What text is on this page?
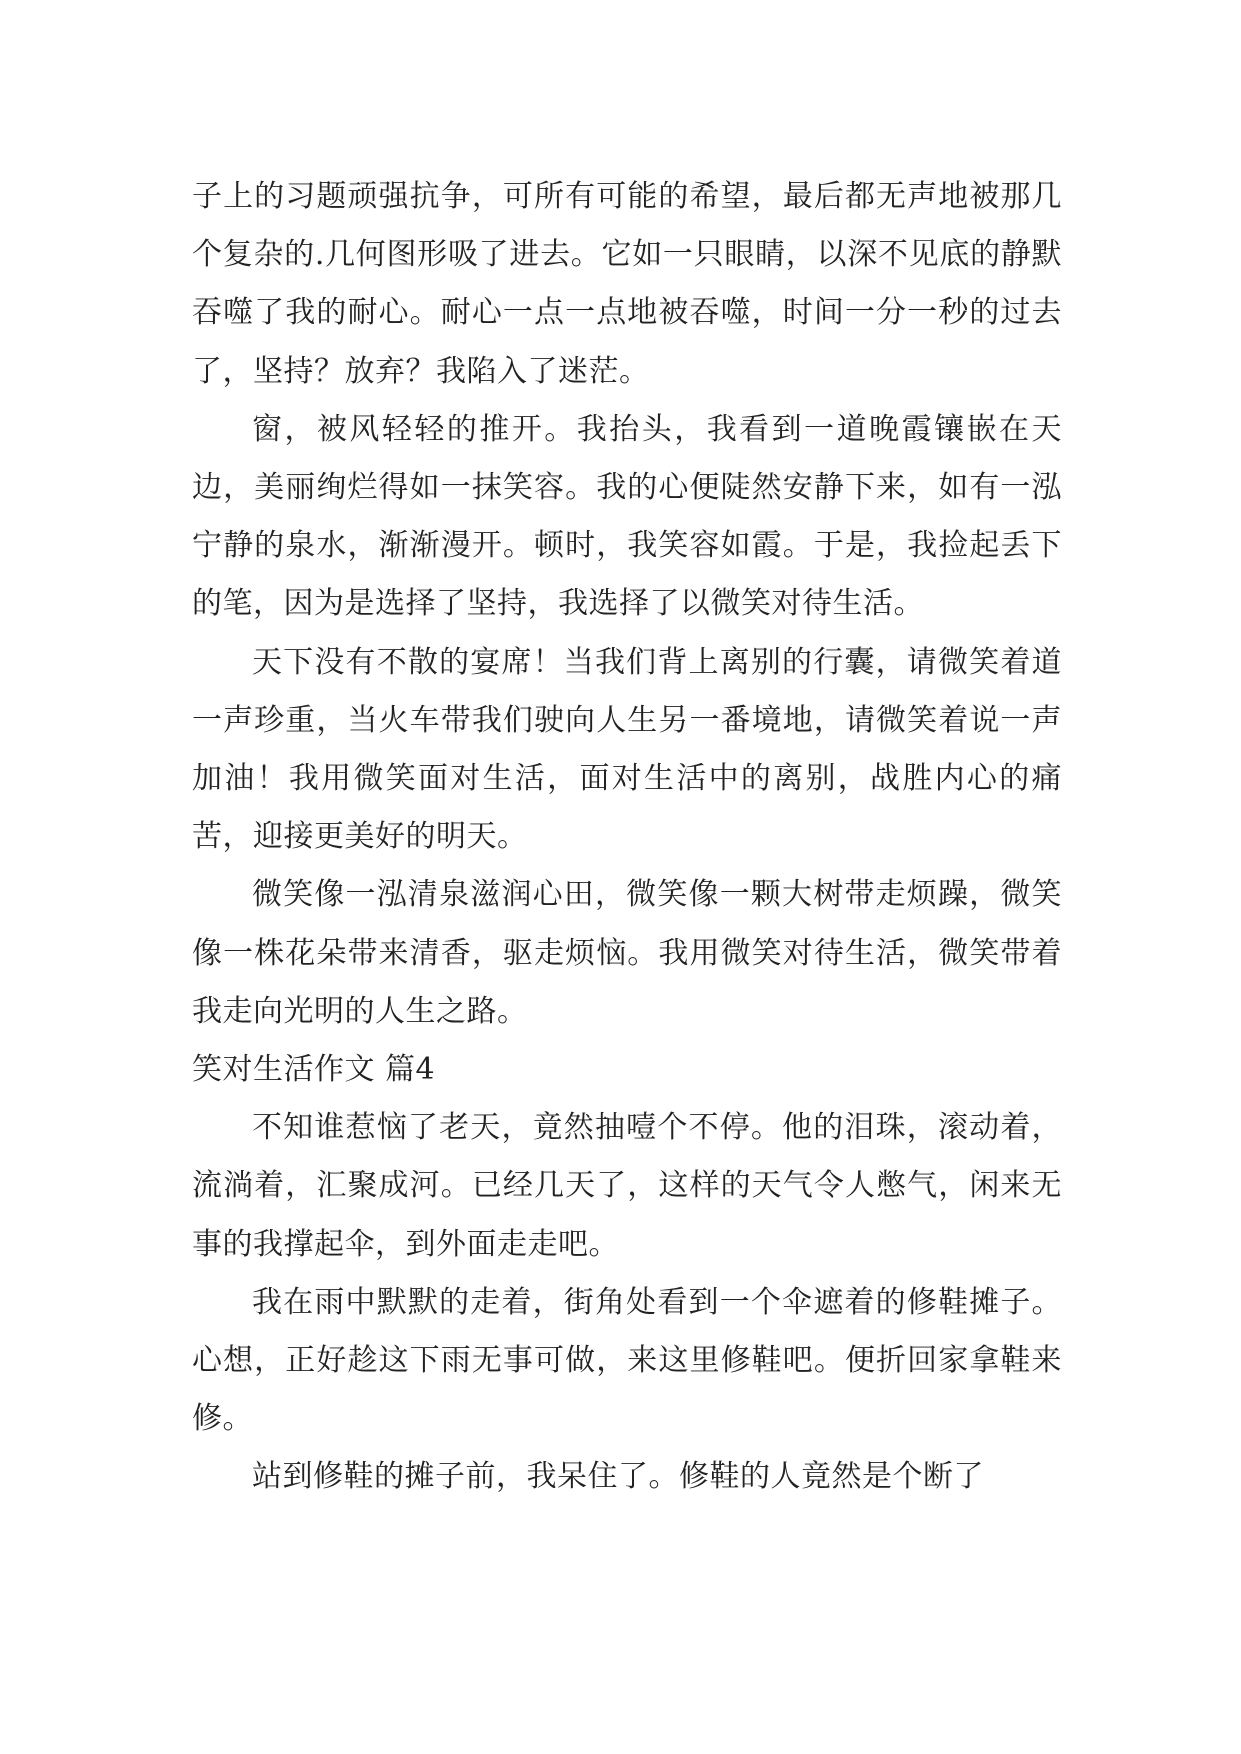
子上的习题顽强抗争，可所有可能的希望，最后都无声地被那几个复杂的.几何图形吸了进去。它如一只眼睛，以深不见底的静默吞噬了我的耐心。耐心一点一点地被吞噬，时间一分一秒的过去了，坚持？放弃？我陷入了迷茫。

窗，被风轻轻的推开。我抬头，我看到一道晚霞镶嵌在天边，美丽绚烂得如一抹笑容。我的心便陡然安静下来，如有一泓宁静的泉水，渐渐漫开。顿时，我笑容如霞。于是，我捡起丢下的笔，因为是选择了坚持，我选择了以微笑对待生活。

天下没有不散的宴席！当我们背上离别的行囊，请微笑着道一声珍重，当火车带我们驶向人生另一番境地，请微笑着说一声加油！我用微笑面对生活，面对生活中的离别，战胜内心的痛苦，迎接更美好的明天。

微笑像一泓清泉滋润心田，微笑像一颗大树带走烦躁，微笑像一株花朵带来清香，驱走烦恼。我用微笑对待生活，微笑带着我走向光明的人生之路。

笑对生活作文 篇4

不知谁惹恼了老天，竟然抽噎个不停。他的泪珠，滚动着，流淌着，汇聚成河。已经几天了，这样的天气令人憋气，闲来无事的我撑起伞，到外面走走吧。

我在雨中默默的走着，街角处看到一个伞遮着的修鞋摊子。心想，正好趁这下雨无事可做，来这里修鞋吧。便折回家拿鞋来修。

站到修鞋的摊子前，我呆住了。修鞋的人竟然是个断了
